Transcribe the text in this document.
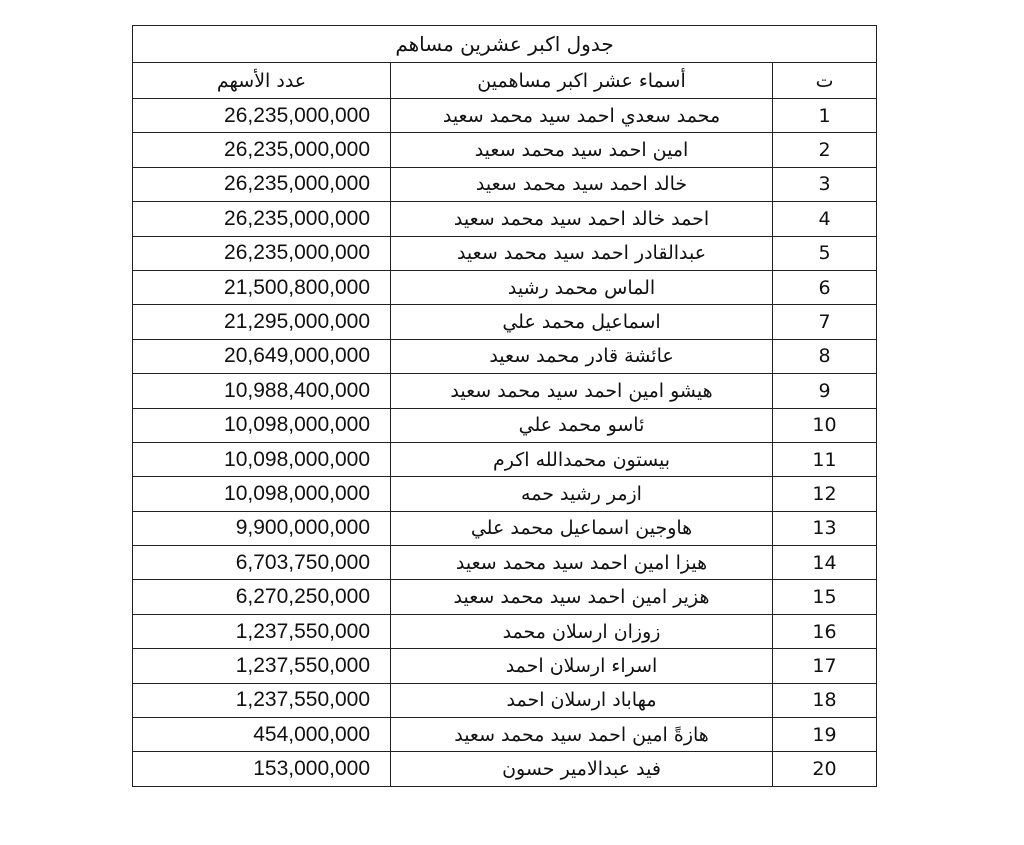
جدول اكبر عشرين مساهم		
ت	أسماء عشر اكبر مساهمين	عدد الأسهم
1	محمد سعدي احمد سيد محمد سعيد	26,235,000,000
2	امين احمد سيد محمد سعيد	26,235,000,000
3	خالد احمد سيد محمد سعيد	26,235,000,000
4	احمد خالد احمد سيد محمد سعيد	26,235,000,000
5	عبدالقادر احمد سيد محمد سعيد	26,235,000,000
6	الماس محمد رشيد	21,500,800,000
7	اسماعيل محمد علي	21,295,000,000
8	عائشة قادر محمد سعيد	20,649,000,000
9	هيشو امين احمد سيد محمد سعيد	10,988,400,000
10	ئاسو محمد علي	10,098,000,000
11	بيستون محمدالله اكرم	10,098,000,000
12	ازمر رشيد حمه	10,098,000,000
13	هاوجين اسماعيل محمد علي	9,900,000,000
14	هيزا امين احمد سيد محمد سعيد	6,703,750,000
15	هزير امين احمد سيد محمد سعيد	6,270,250,000
16	زوزان ارسلان محمد	1,237,550,000
17	اسراء ارسلان احمد	1,237,550,000
18	مهاباد ارسلان احمد	1,237,550,000
19	هازةً امين احمد سيد محمد سعيد	454,000,000
20	فيد عبدالامير حسون	153,000,000
